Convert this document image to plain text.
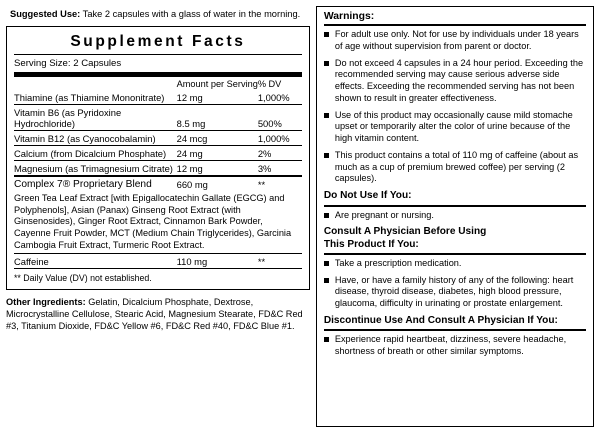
Suggested Use: Take 2 capsules with a glass of water in the morning.
Supplement Facts
Serving Size: 2 Capsules
	Amount per Serving	% DV
Thiamine (as Thiamine Mononitrate)	12 mg	1,000%
Vitamin B6 (as Pyridoxine Hydrochloride)	8.5 mg	500%
Vitamin B12 (as Cyanocobalamin)	24 mcg	1,000%
Calcium (from Dicalcium Phosphate)	24 mg	2%
Magnesium (as Trimagnesium Citrate)	12 mg	3%
Complex 7® Proprietary Blend	660 mg	**
Green Tea Leaf Extract [with Epigallocatechin Gallate (EGCG) and Polyphenols], Asian (Panax) Ginseng Root Extract (with Ginsenosides), Ginger Root Extract, Cinnamon Bark Powder, Cayenne Fruit Powder, MCT (Medium Chain Triglycerides), Garcinia Cambogia Fruit Extract, Turmeric Root Extract.		
Caffeine	110 mg	**
** Daily Value (DV) not established.
Other Ingredients: Gelatin, Dicalcium Phosphate, Dextrose, Microcrystalline Cellulose, Stearic Acid, Magnesium Stearate, FD&C Red #3, Titanium Dioxide, FD&C Yellow #6, FD&C Red #40, FD&C Blue #1.
Warnings:
For adult use only. Not for use by individuals under 18 years of age without supervision from parent or doctor.
Do not exceed 4 capsules in a 24 hour period. Exceeding the recommended serving may cause serious adverse side effects. Exceeding the recommended serving has not been shown to result in greater effectiveness.
Use of this product may occasionally cause mild stomache upset or temporarily alter the color of urine because of the high vitamin content.
This product contains a total of 110 mg of caffeine (about as much as a cup of premium brewed coffee) per serving (2 capsules).
Do Not Use If You:
Are pregnant or nursing.
Consult A Physician Before Using
This Product If You:
Take a prescription medication.
Have, or have a family history of any of the following: heart disease, thyroid disease, diabetes, high blood pressure, glaucoma, difficulty in urinating or prostate enlargement.
Discontinue Use And Consult A Physician If You:
Experience rapid heartbeat, dizziness, severe headache, shortness of breath or other similar symptoms.
